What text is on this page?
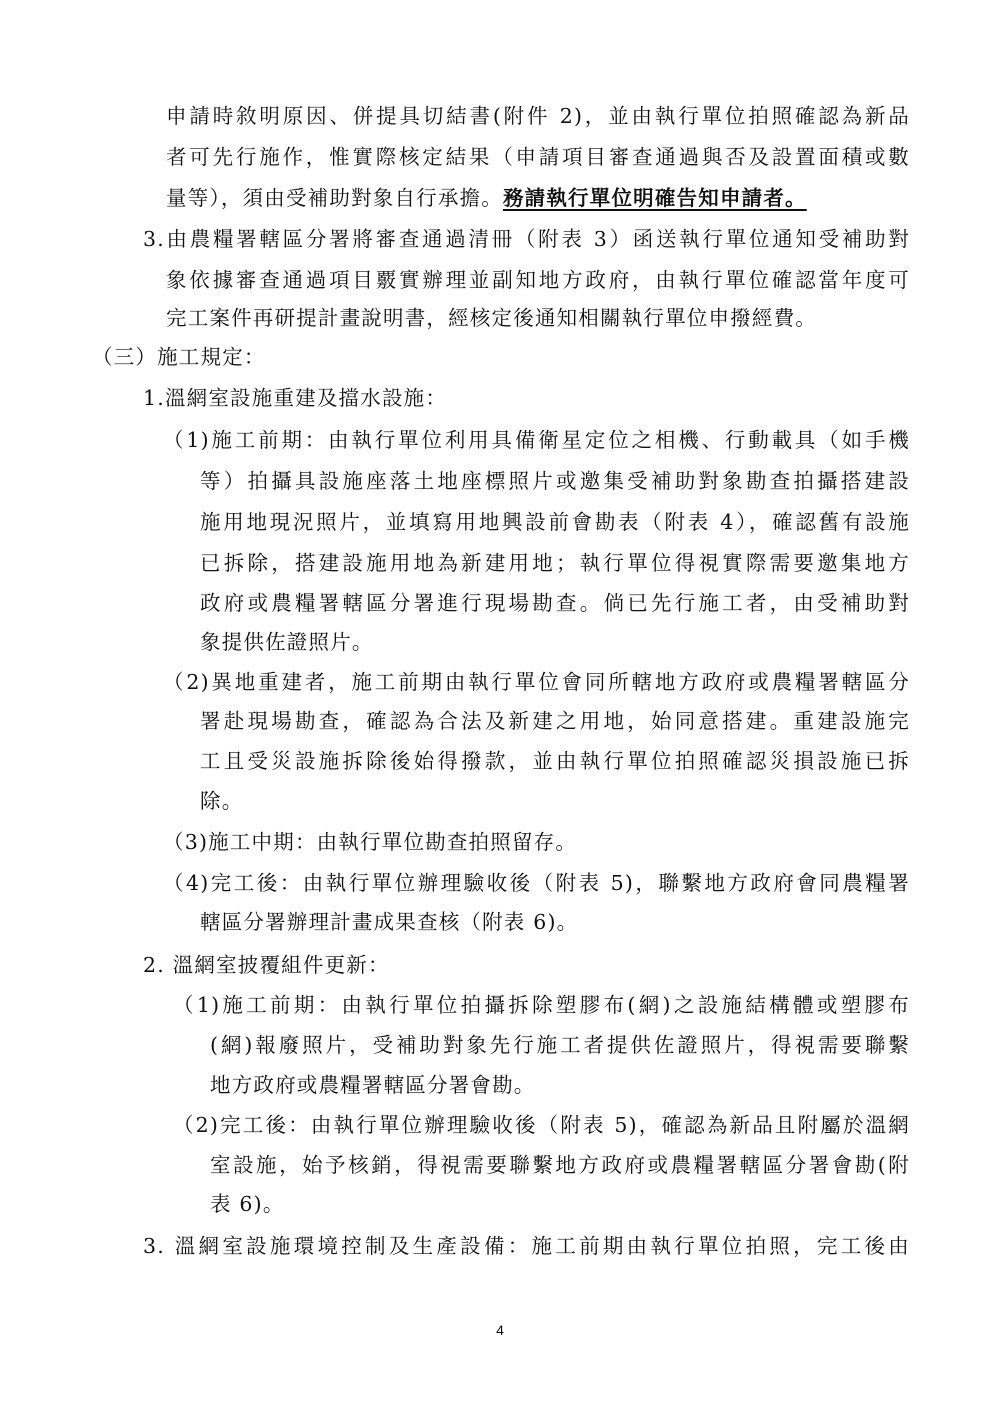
申請時敘明原因、併提具切結書(附件 2)，並由執行單位拍照確認為新品
者可先行施作，惟實際核定結果（申請項目審查通過與否及設置面積或數
量等），須由受補助對象自行承擔。務請執行單位明確告知申請者。
3.由農糧署轄區分署將審查通過清冊（附表 3）函送執行單位通知受補助對
象依據審查通過項目覈實辦理並副知地方政府，由執行單位確認當年度可
完工案件再研提計畫說明書，經核定後通知相關執行單位申撥經費。
（三）施工規定：
1.溫網室設施重建及擋水設施：
（1)施工前期：由執行單位利用具備衛星定位之相機、行動載具（如手機
等）拍攝具設施座落土地座標照片或邀集受補助對象勘查拍攝搭建設
施用地現況照片，並填寫用地興設前會勘表（附表 4），確認舊有設施
已拆除，搭建設施用地為新建用地；執行單位得視實際需要邀集地方
政府或農糧署轄區分署進行現場勘查。倘已先行施工者，由受補助對
象提供佐證照片。
（2)異地重建者，施工前期由執行單位會同所轄地方政府或農糧署轄區分
署赴現場勘查，確認為合法及新建之用地，始同意搭建。重建設施完
工且受災設施拆除後始得撥款，並由執行單位拍照確認災損設施已拆
除。
（3)施工中期：由執行單位勘查拍照留存。
（4)完工後：由執行單位辦理驗收後（附表 5)，聯繫地方政府會同農糧署
轄區分署辦理計畫成果查核（附表 6)。
2. 溫網室披覆組件更新：
（1)施工前期：由執行單位拍攝拆除塑膠布(網)之設施結構體或塑膠布
(網)報廢照片，受補助對象先行施工者提供佐證照片，得視需要聯繫
地方政府或農糧署轄區分署會勘。
（2)完工後：由執行單位辦理驗收後（附表 5)，確認為新品且附屬於溫網
室設施，始予核銷，得視需要聯繫地方政府或農糧署轄區分署會勘(附
表 6)。
3. 溫網室設施環境控制及生產設備：施工前期由執行單位拍照，完工後由
4
